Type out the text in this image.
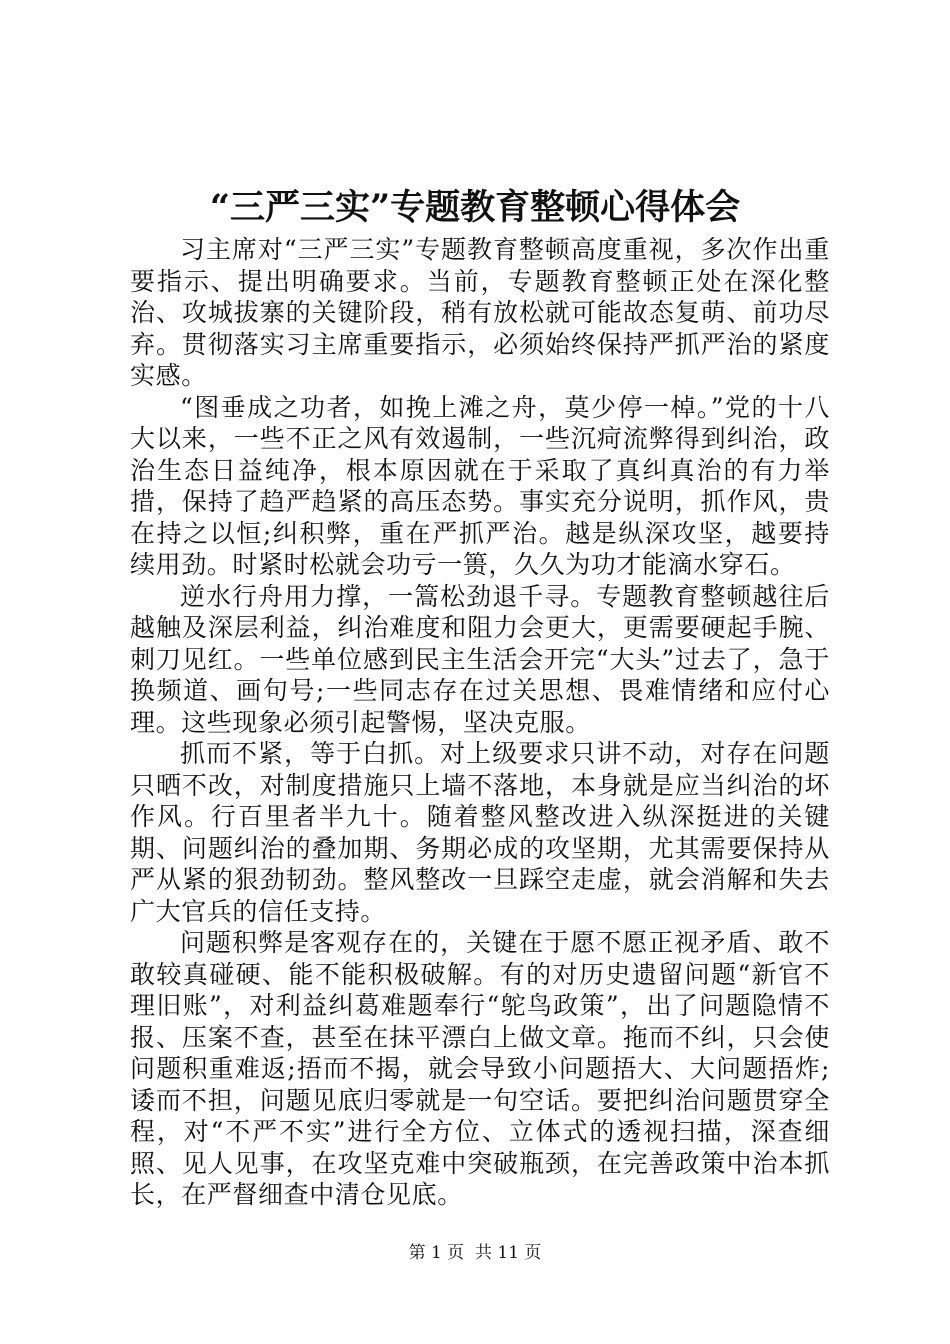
“三严三实”专题教育整顿心得体会

习主席对“三严三实”专题教育整顿高度重视，多次作出重要指示、提出明确要求。当前，专题教育整顿正处在深化整治、攻城拔寨的关键阶段，稍有放松就可能故态复萌、前功尽弃。贯彻落实习主席重要指示，必须始终保持严抓严治的紧度实感。

“图垂成之功者，如挽上滩之舟，莫少停一棹。”党的十八大以来，一些不正之风有效遏制，一些沉疴流弊得到纠治，政治生态日益纯净，根本原因就在于采取了真纠真治的有力举措，保持了趋严趋紧的高压态势。事实充分说明，抓作风，贵在持之以恒;纠积弊，重在严抓严治。越是纵深攻坚，越要持续用劲。时紧时松就会功亏一篑，久久为功才能滴水穿石。

逆水行舟用力撑，一篙松劲退千寻。专题教育整顿越往后越触及深层利益，纠治难度和阻力会更大，更需要硬起手腕、刺刀见红。一些单位感到民主生活会开完“大头”过去了，急于换频道、画句号;一些同志存在过关思想、畏难情绪和应付心理。这些现象必须引起警惕，坚决克服。

抓而不紧，等于白抓。对上级要求只讲不动，对存在问题只晒不改，对制度措施只上墙不落地，本身就是应当纠治的坏作风。行百里者半九十。随着整风整改进入纵深挺进的关键期、问题纠治的叠加期、务期必成的攻坚期，尤其需要保持从严从紧的狠劲韧劲。整风整改一旦踩空走虚，就会消解和失去广大官兵的信任支持。

问题积弊是客观存在的，关键在于愿不愿正视矛盾、敢不敢较真碰硬、能不能积极破解。有的对历史遗留问题“新官不理旧账”，对利益纠葛难题奉行“鸵鸟政策”，出了问题隐情不报、压案不查，甚至在抹平漂白上做文章。拖而不纠，只会使问题积重难返;捂而不揭，就会导致小问题捂大、大问题捂炸;诿而不担，问题见底归零就是一句空话。要把纠治问题贯穿全程，对“不严不实”进行全方位、立体式的透视扫描，深查细照、见人见事，在攻坚克难中突破瓶颈，在完善政策中治本抓长，在严督细查中清仓见底。

第 1 页  共 11 页
